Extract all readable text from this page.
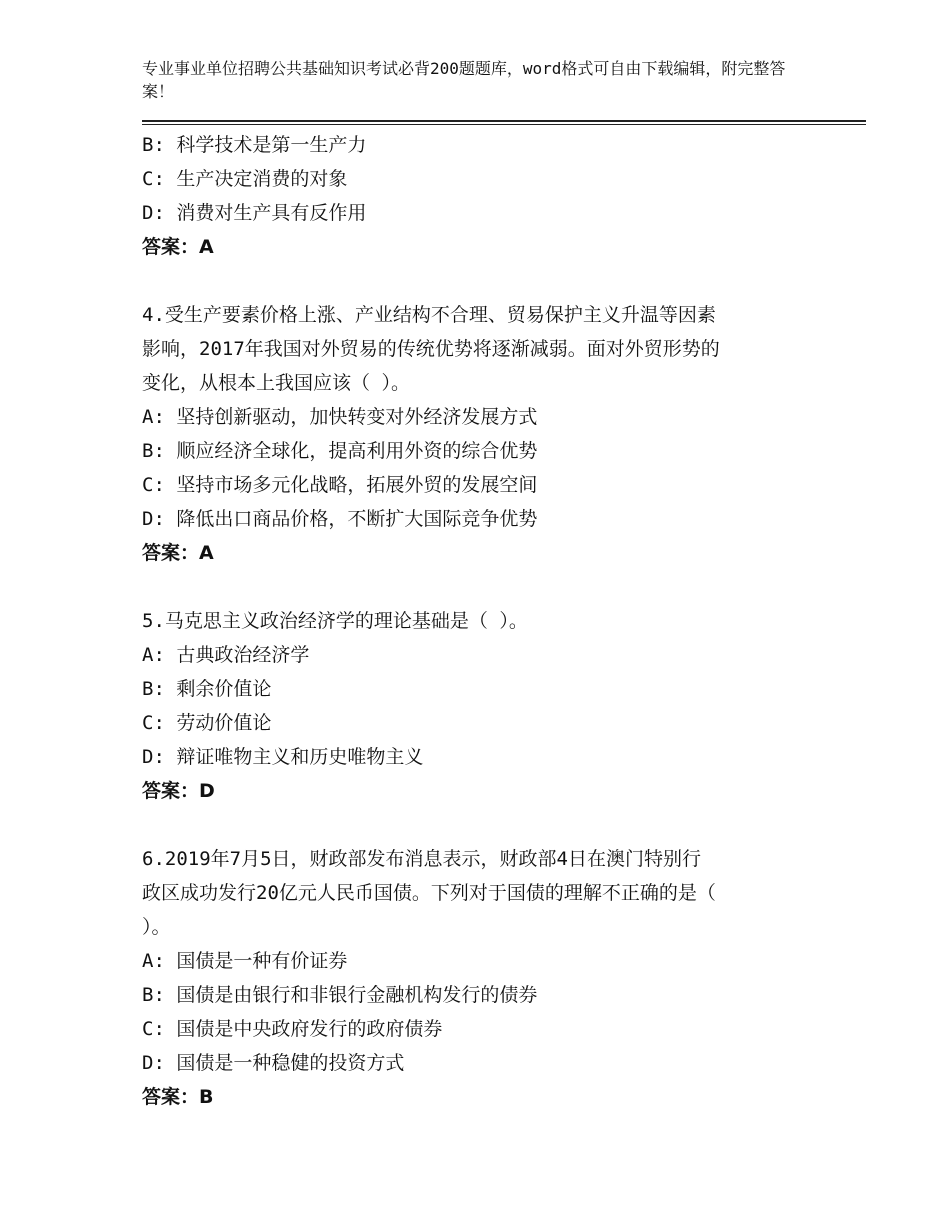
专业事业单位招聘公共基础知识考试必背200题题库，word格式可自由下载编辑，附完整答案！
B: 科学技术是第一生产力
C: 生产决定消费的对象
D: 消费对生产具有反作用
答案：A
4.受生产要素价格上涨、产业结构不合理、贸易保护主义升温等因素
影响，2017年我国对外贸易的传统优势将逐渐减弱。面对外贸形势的
变化，从根本上我国应该（ ）。
A: 坚持创新驱动，加快转变对外经济发展方式
B: 顺应经济全球化，提高利用外资的综合优势
C: 坚持市场多元化战略，拓展外贸的发展空间
D: 降低出口商品价格，不断扩大国际竞争优势
答案：A
5.马克思主义政治经济学的理论基础是（ ）。
A: 古典政治经济学
B: 剩余价值论
C: 劳动价值论
D: 辩证唯物主义和历史唯物主义
答案：D
6.2019年7月5日，财政部发布消息表示，财政部4日在澳门特别行
政区成功发行20亿元人民币国债。下列对于国债的理解不正确的是（
）。
A: 国债是一种有价证券
B: 国债是由银行和非银行金融机构发行的债券
C: 国债是中央政府发行的政府债券
D: 国债是一种稳健的投资方式
答案：B
